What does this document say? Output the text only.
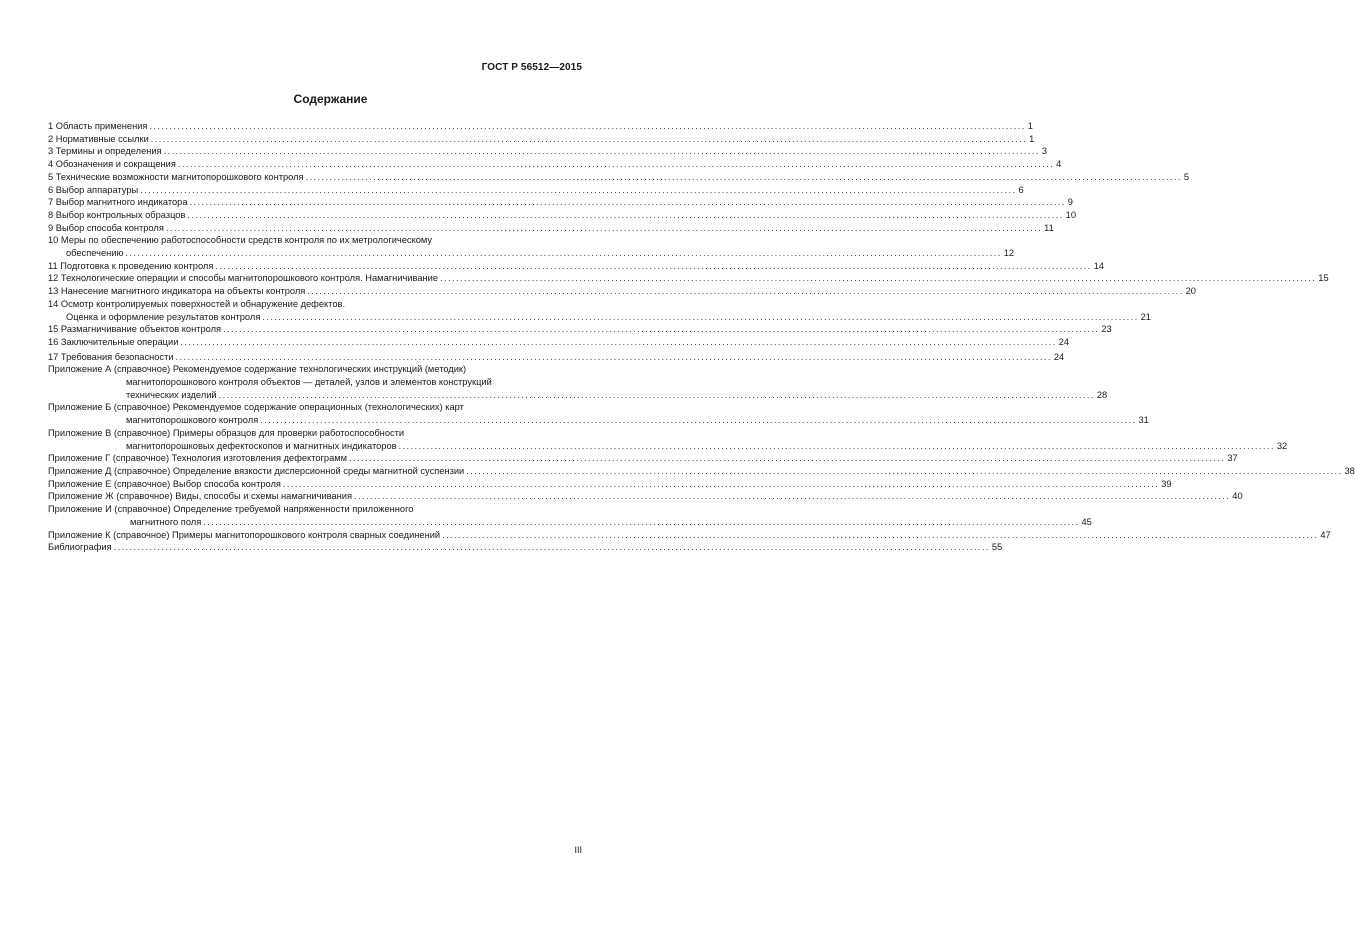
ГОСТ Р 56512—2015
Содержание
1 Область применения ............................................................................................................................................................................................................................ 1
2 Нормативные ссылки ............................................................................................................................................................................................................................ 1
3 Термины и определения ............................................................................................................................................................................................................................ 3
4 Обозначения и сокращения ............................................................................................................................................................................................................................ 4
5 Технические возможности магнитопорошкового контроля ............................................................................................................................................................................................................................ 5
6 Выбор аппаратуры ............................................................................................................................................................................................................................ 6
7 Выбор магнитного индикатора ............................................................................................................................................................................................................................ 9
8 Выбор контрольных образцов ............................................................................................................................................................................................................................ 10
9 Выбор способа контроля ............................................................................................................................................................................................................................ 11
10 Меры по обеспечению работоспособности средств контроля по их метрологическому
обеспечению ............................................................................................................................................................................................................................ 12
11 Подготовка к проведению контроля ............................................................................................................................................................................................................................ 14
12 Технологические операции и способы магнитопорошкового контроля. Намагничивание ............................................................................................................................................................................................................................ 15
13 Нанесение магнитного индикатора на объекты контроля ............................................................................................................................................................................................................................ 20
14 Осмотр контролируемых поверхностей и обнаружение дефектов.
Оценка и оформление результатов контроля ............................................................................................................................................................................................................................ 21
15 Размагничивание объектов контроля ............................................................................................................................................................................................................................ 23
16 Заключительные операции ............................................................................................................................................................................................................................ 24
17 Требования безопасности ............................................................................................................................................................................................................................ 24
Приложение А (справочное) Рекомендуемое содержание технологических инструкций (методик)
магнитопорошкового контроля объектов — деталей, узлов и элементов конструкций
технических изделий ............................................................................................................................................................................................................................ 28
Приложение Б (справочное) Рекомендуемое содержание операционных (технологических) карт
магнитопорошкового контроля ............................................................................................................................................................................................................................ 31
Приложение В (справочное) Примеры образцов для проверки работоспособности
магнитопорошковых дефектоскопов и магнитных индикаторов ............................................................................................................................................................................................................................ 32
Приложение Г (справочное) Технология изготовления дефектограмм ............................................................................................................................................................................................................................ 37
Приложение Д (справочное) Определение вязкости дисперсионной среды магнитной суспензии ............................................................................................................................................................................................................................ 38
Приложение Е (справочное) Выбор способа контроля ............................................................................................................................................................................................................................ 39
Приложение Ж (справочное) Виды, способы и схемы намагничивания ............................................................................................................................................................................................................................ 40
Приложение И (справочное) Определение требуемой напряженности приложенного
магнитного поля ............................................................................................................................................................................................................................ 45
Приложение К (справочное) Примеры магнитопорошкового контроля сварных соединений ............................................................................................................................................................................................................................ 47
Библиография ............................................................................................................................................................................................................................ 55
III
